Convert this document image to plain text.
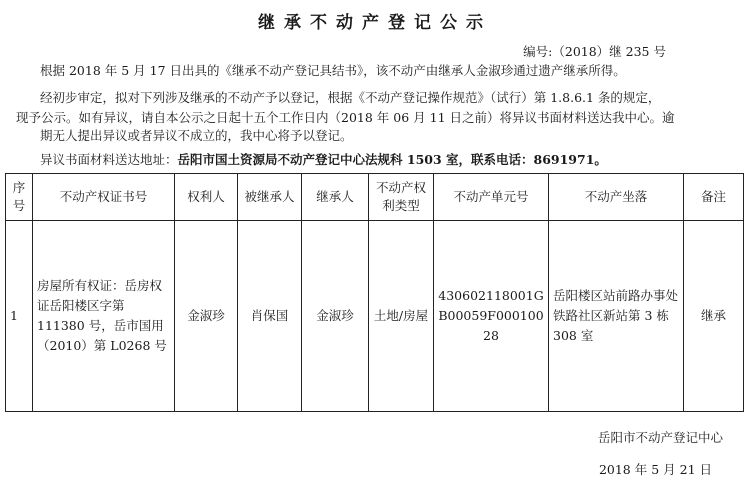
继承不动产登记公示
编号:（2018）继 235 号
根据 2018 年 5 月 17 日出具的《继承不动产登记具结书》，该不动产由继承人金淑珍通过遗产继承所得。
经初步审定，拟对下列涉及继承的不动产予以登记，根据《不动产登记操作规范》（试行）第 1.8.6.1 条的规定，
现予公示。如有异议，请自本公示之日起十五个工作日内（2018 年 06 月 11 日之前）将异议书面材料送达我中心。逾
期无人提出异议或者异议不成立的，我中心将予以登记。
异议书面材料送达地址：岳阳市国土资源局不动产登记中心法规科 1503 室，联系电话：8691971。
序号	不动产权证书号	权利人	被继承人	继承人	不动产权利类型	不动产单元号	不动产坐落	备注
1	房屋所有权证：岳房权证岳阳楼区字第 111380 号，岳市国用（2010）第 L0268 号	金淑珍	肖保国	金淑珍	土地/房屋	430602118001GB00059F00010028	岳阳楼区站前路办事处铁路社区新站第 3 栋 308 室	继承
岳阳市不动产登记中心
2018 年 5 月 21 日
